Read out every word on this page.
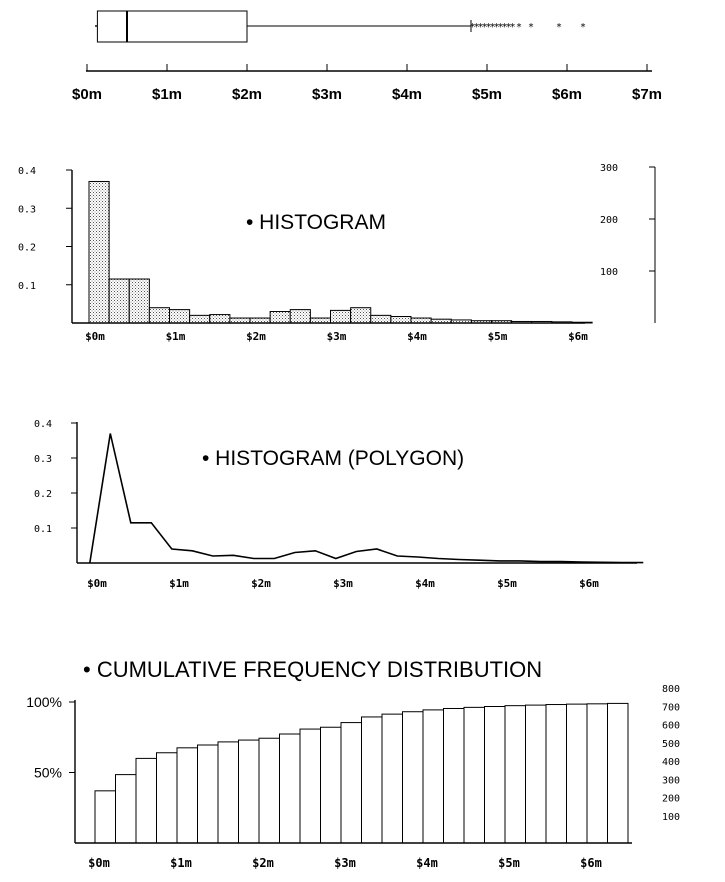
$0m	$1m	$2m	$3m	$4m	$5m	$6m	$7m
* * * * * * * * * *
* * * * *
0.1
0.2
0.3
0.4
100
200
300
$0m	$1m	$2m	$3m	$4m	$5m	$6m
• HISTOGRAM
0.1
0.2
0.3
0.4
$0m	$1m	$2m	$3m	$4m	$5m	$6m
• HISTOGRAM (POLYGON)
• CUMULATIVE FREQUENCY DISTRIBUTION
50%
100%
100
200
300
400
500
600
700
800
$0m	$1m	$2m	$3m	$4m	$5m	$6m
